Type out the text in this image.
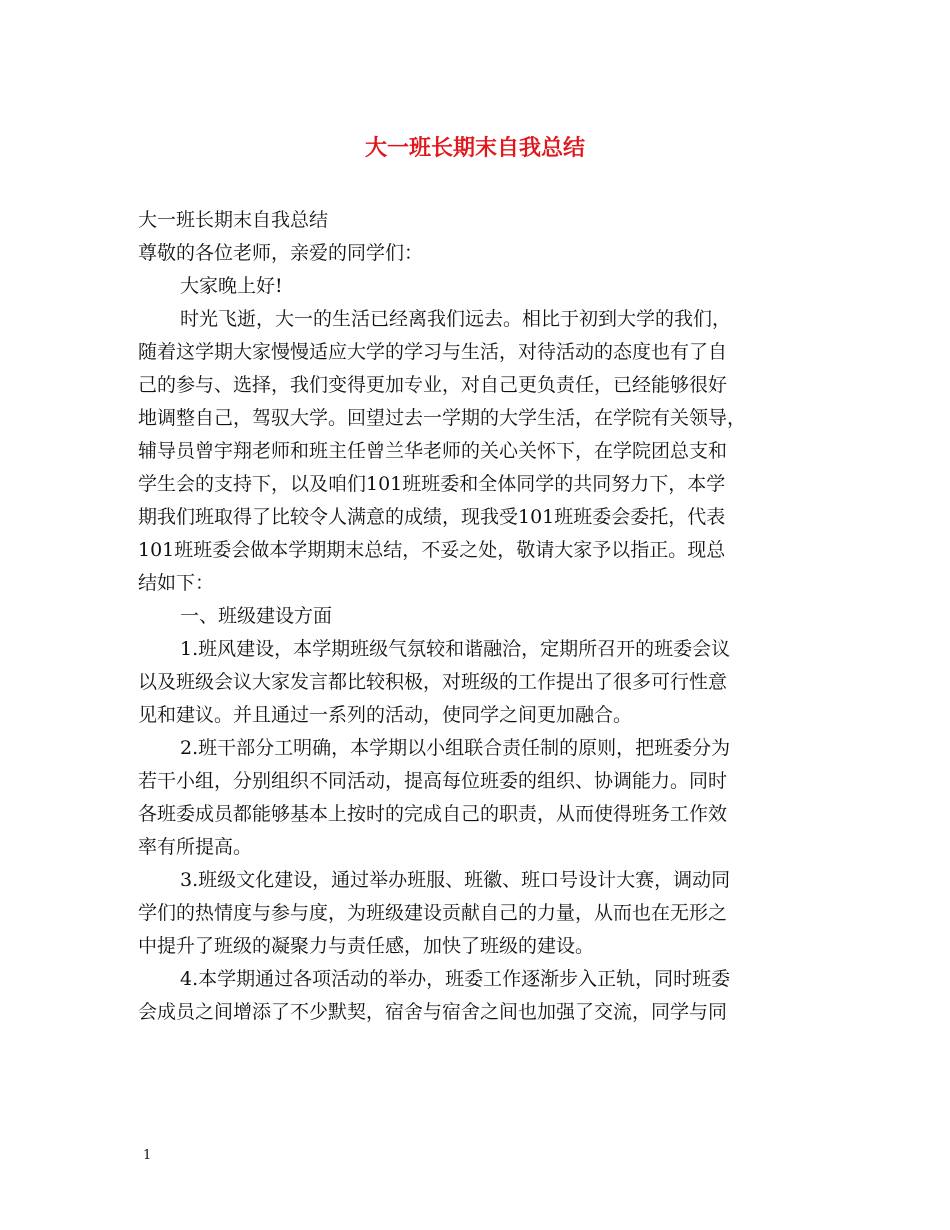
大一班长期末自我总结
大一班长期末自我总结
尊敬的各位老师，亲爱的同学们：
大家晚上好!
时光飞逝，大一的生活已经离我们远去。相比于初到大学的我们，
随着这学期大家慢慢适应大学的学习与生活，对待活动的态度也有了自
己的参与、选择，我们变得更加专业，对自己更负责任，已经能够很好
地调整自己，驾驭大学。回望过去一学期的大学生活，在学院有关领导，
辅导员曾宇翔老师和班主任曾兰华老师的关心关怀下，在学院团总支和
学生会的支持下，以及咱们101班班委和全体同学的共同努力下，本学
期我们班取得了比较令人满意的成绩，现我受101班班委会委托，代表
101班班委会做本学期期末总结，不妥之处，敬请大家予以指正。现总
结如下：
一、班级建设方面
1.班风建设，本学期班级气氛较和谐融洽，定期所召开的班委会议
以及班级会议大家发言都比较积极，对班级的工作提出了很多可行性意
见和建议。并且通过一系列的活动，使同学之间更加融合。
2.班干部分工明确，本学期以小组联合责任制的原则，把班委分为
若干小组，分别组织不同活动，提高每位班委的组织、协调能力。同时
各班委成员都能够基本上按时的完成自己的职责，从而使得班务工作效
率有所提高。
3.班级文化建设，通过举办班服、班徽、班口号设计大赛，调动同
学们的热情度与参与度，为班级建设贡献自己的力量，从而也在无形之
中提升了班级的凝聚力与责任感，加快了班级的建设。
4.本学期通过各项活动的举办，班委工作逐渐步入正轨，同时班委
会成员之间增添了不少默契，宿舍与宿舍之间也加强了交流，同学与同
1
